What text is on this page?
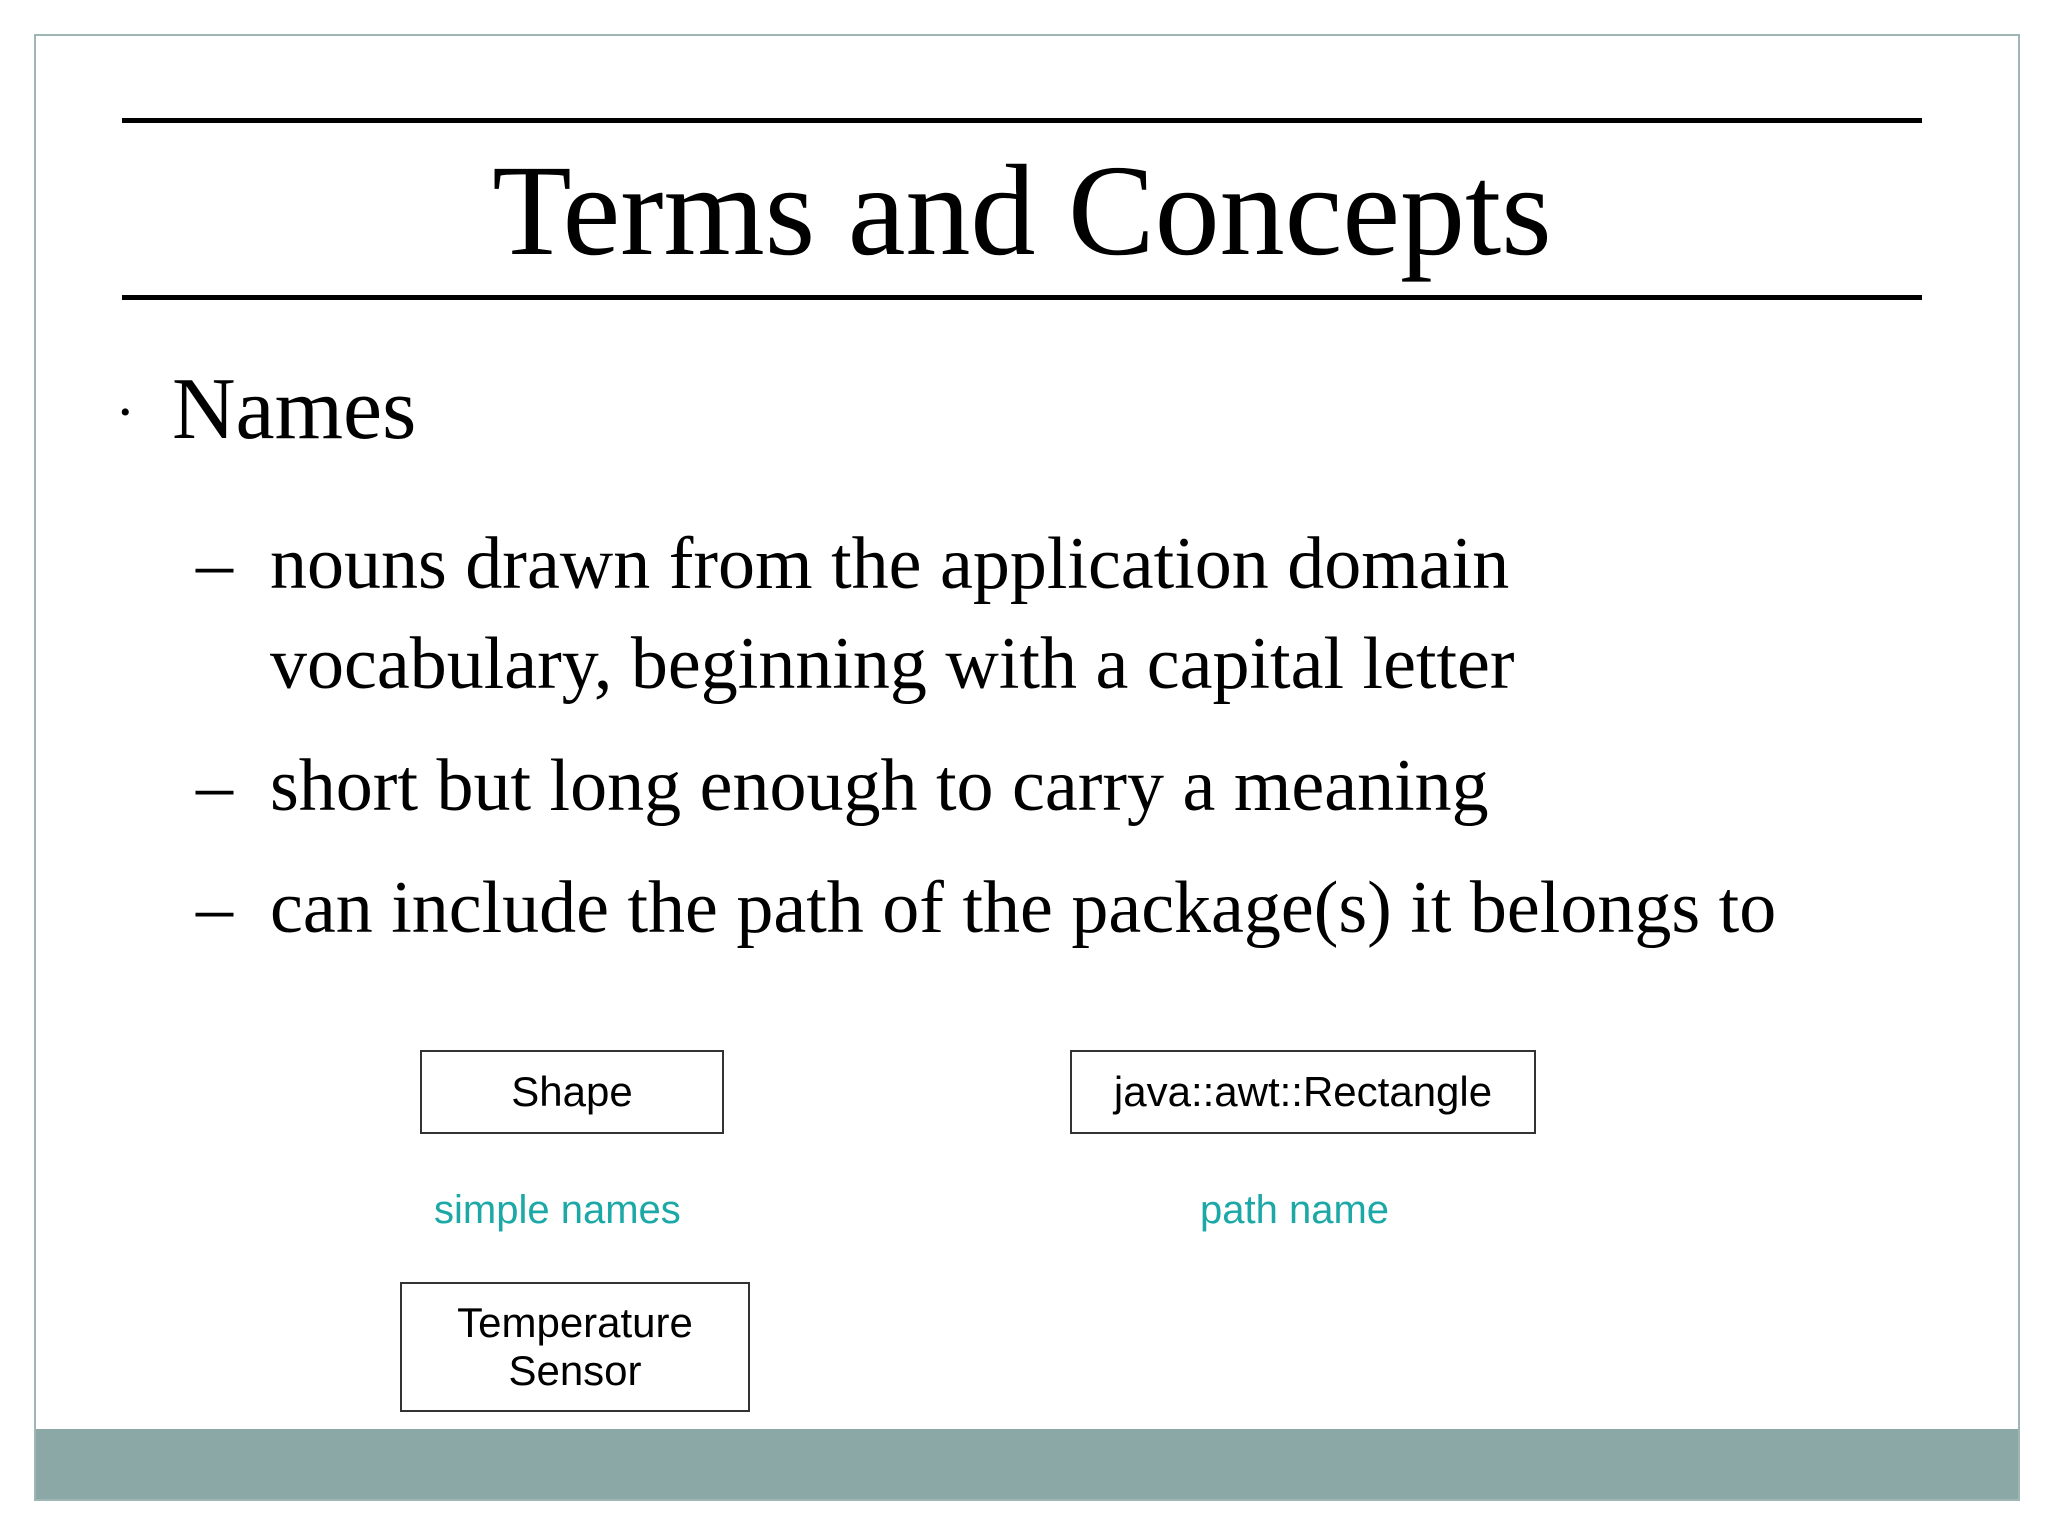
Terms and Concepts
• Names
– nouns drawn from the application domain vocabulary, beginning with a capital letter
– short but long enough to carry a meaning
– can include the path of the package(s) it belongs to
Shape	java::awt::Rectangle
simple names	path name
Temperature
Sensor
